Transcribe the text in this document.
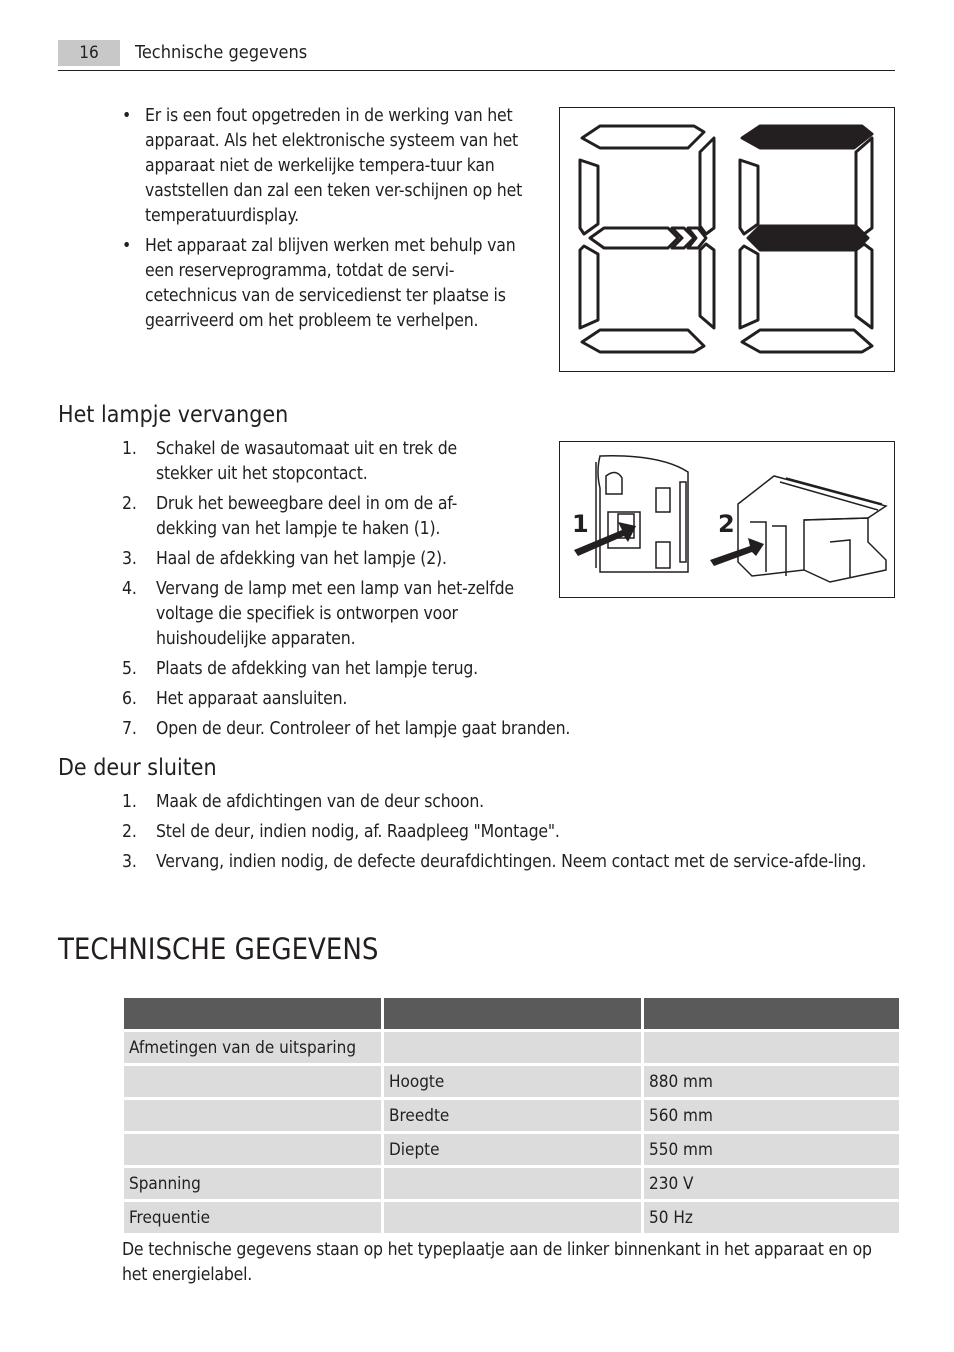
16	Technische gegevens
• Er is een fout opgetreden in de werking van het apparaat. Als het elektronische systeem van het apparaat niet de werkelijke tempera-tuur kan vaststellen dan zal een teken ver-schijnen op het temperatuurdisplay.
• Het apparaat zal blijven werken met behulp van een reserveprogramma, totdat de servi-cetechnicus van de servicedienst ter plaatse is gearriveerd om het probleem te verhelpen.
Het lampje vervangen
1. Schakel de wasautomaat uit en trek de stekker uit het stopcontact.
2. Druk het beweegbare deel in om de af-dekking van het lampje te haken (1).
3. Haal de afdekking van het lampje (2).
4. Vervang de lamp met een lamp van het-zelfde voltage die specifiek is ontworpen voor huishoudelijke apparaten.
5. Plaats de afdekking van het lampje terug.
6. Het apparaat aansluiten.
7. Open de deur. Controleer of het lampje gaat branden.
1	2
De deur sluiten
1. Maak de afdichtingen van de deur schoon.
2. Stel de deur, indien nodig, af. Raadpleeg "Montage".
3. Vervang, indien nodig, de defecte deurafdichtingen. Neem contact met de service-afde-ling.
TECHNISCHE GEGEVENS

Afmetingen van de uitsparing		
	Hoogte	880 mm
	Breedte	560 mm
	Diepte	550 mm
Spanning		230 V
Frequentie		50 Hz
De technische gegevens staan op het typeplaatje aan de linker binnenkant in het apparaat en op het energielabel.
